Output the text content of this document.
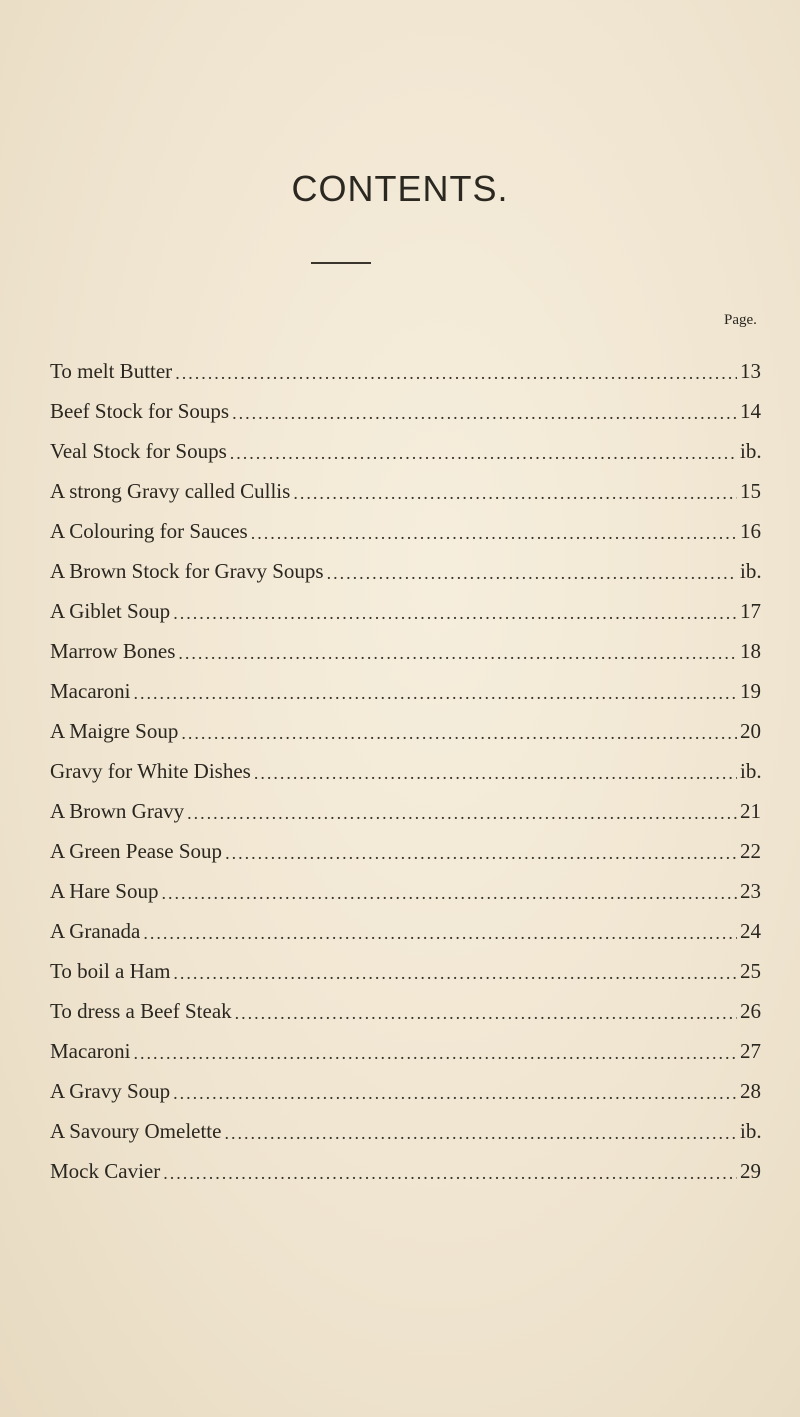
CONTENTS.
Page.
To melt Butter .....	13
Beef Stock for Soups .....	14
Veal Stock for Soups .....	ib.
A strong Gravy called Cullis .....	15
A Colouring for Sauces .....	16
A Brown Stock for Gravy Soups .....	ib.
A Giblet Soup .....	17
Marrow Bones .....	18
Macaroni .....	19
A Maigre Soup .....	20
Gravy for White Dishes .....	ib.
A Brown Gravy .....	21
A Green Pease Soup .....	22
A Hare Soup .....	23
A Granada .....	24
To boil a Ham .....	25
To dress a Beef Steak .....	26
Macaroni .....	27
A Gravy Soup .....	28
A Savoury Omelette .....	ib.
Mock Cavier .....	29
